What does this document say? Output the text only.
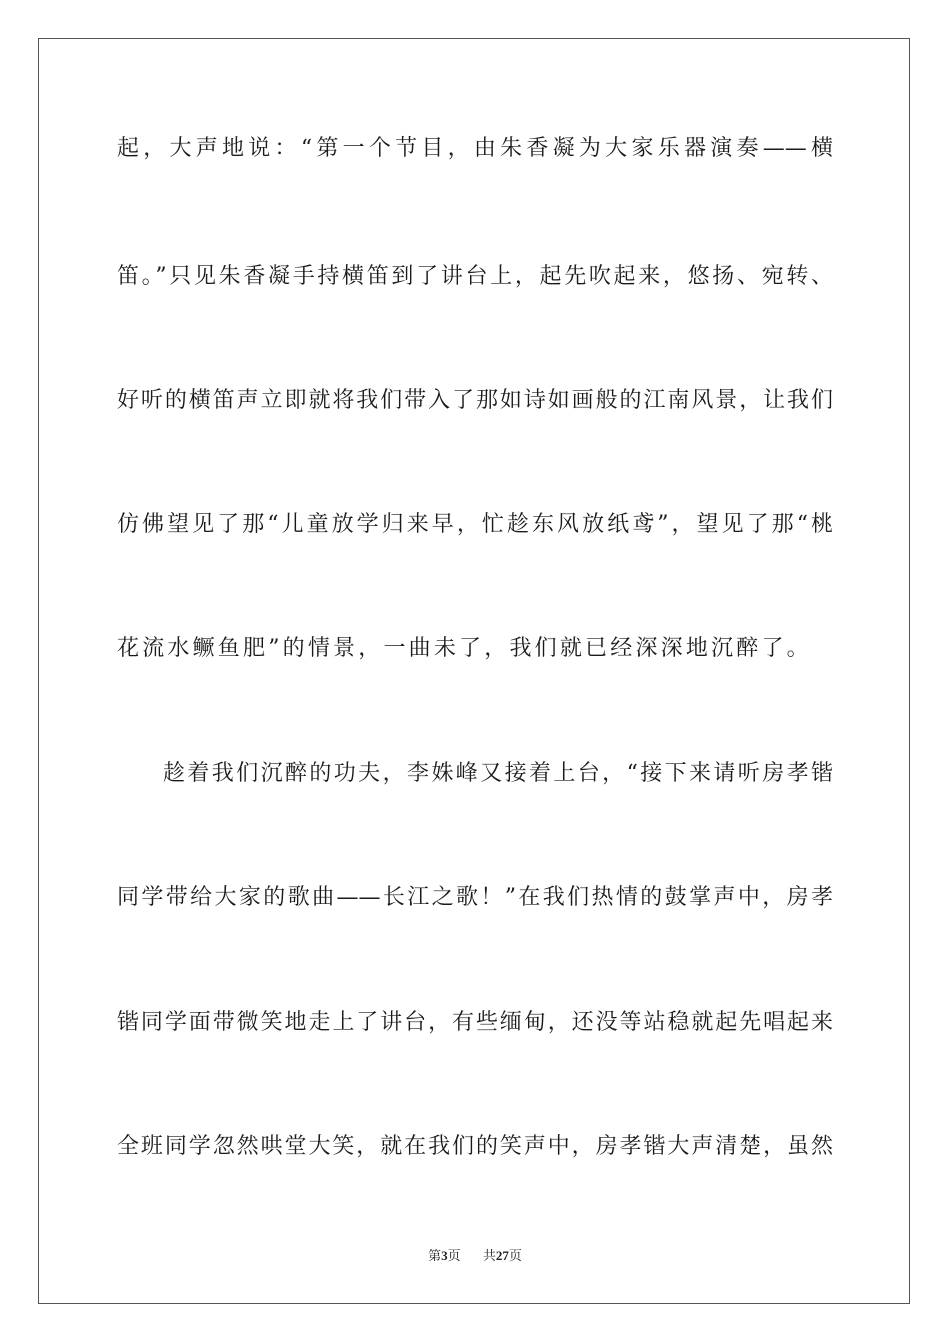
起，大声地说：“第一个节目，由朱香凝为大家乐器演奏——横
笛。”只见朱香凝手持横笛到了讲台上，起先吹起来，悠扬、宛转、
好听的横笛声立即就将我们带入了那如诗如画般的江南风景，让我们
仿佛望见了那“儿童放学归来早，忙趁东风放纸鸢”，望见了那“桃
花流水鳜鱼肥”的情景，一曲未了，我们就已经深深地沉醉了。
趁着我们沉醉的功夫，李姝峰又接着上台，“接下来请听房孝锴
同学带给大家的歌曲——长江之歌！”在我们热情的鼓掌声中，房孝
锴同学面带微笑地走上了讲台，有些缅甸，还没等站稳就起先唱起来
全班同学忽然哄堂大笑，就在我们的笑声中，房孝锴大声清楚，虽然
第3页 共27页
